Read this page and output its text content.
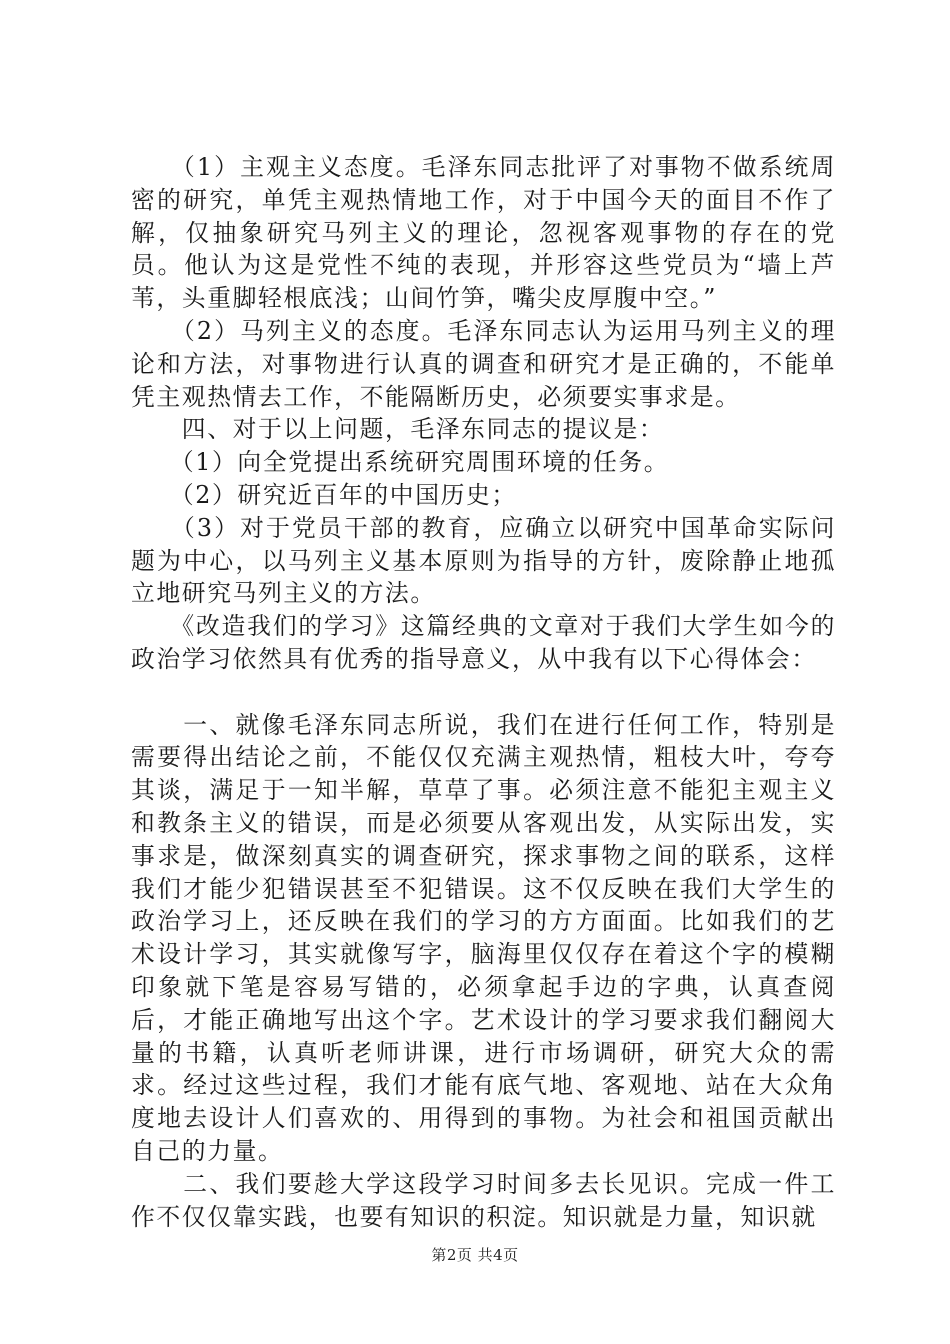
　　（1）主观主义态度。毛泽东同志批评了对事物不做系统周密的研究，单凭主观热情地工作，对于中国今天的面目不作了解，仅抽象研究马列主义的理论，忽视客观事物的存在的党员。他认为这是党性不纯的表现，并形容这些党员为“墙上芦苇，头重脚轻根底浅；山间竹笋，嘴尖皮厚腹中空。”

　　（2）马列主义的态度。毛泽东同志认为运用马列主义的理论和方法，对事物进行认真的调查和研究才是正确的，不能单凭主观热情去工作，不能隔断历史，必须要实事求是。

　　四、对于以上问题，毛泽东同志的提议是：

　　（1）向全党提出系统研究周围环境的任务。

　　（2）研究近百年的中国历史；

　　（3）对于党员干部的教育，应确立以研究中国革命实际问题为中心，以马列主义基本原则为指导的方针，废除静止地孤立地研究马列主义的方法。

　　《改造我们的学习》这篇经典的文章对于我们大学生如今的政治学习依然具有优秀的指导意义，从中我有以下心得体会：

　　一、就像毛泽东同志所说，我们在进行任何工作，特别是需要得出结论之前，不能仅仅充满主观热情，粗枝大叶，夸夸其谈，满足于一知半解，草草了事。必须注意不能犯主观主义和教条主义的错误，而是必须要从客观出发，从实际出发，实事求是，做深刻真实的调查研究，探求事物之间的联系，这样我们才能少犯错误甚至不犯错误。这不仅反映在我们大学生的政治学习上，还反映在我们的学习的方方面面。比如我们的艺术设计学习，其实就像写字，脑海里仅仅存在着这个字的模糊印象就下笔是容易写错的，必须拿起手边的字典，认真查阅后，才能正确地写出这个字。艺术设计的学习要求我们翻阅大量的书籍，认真听老师讲课，进行市场调研，研究大众的需求。经过这些过程，我们才能有底气地、客观地、站在大众角度地去设计人们喜欢的、用得到的事物。为社会和祖国贡献出自己的力量。

　　二、我们要趁大学这段学习时间多去长见识。完成一件工作不仅仅靠实践，也要有知识的积淀。知识就是力量，知识就

第2页 共4页
